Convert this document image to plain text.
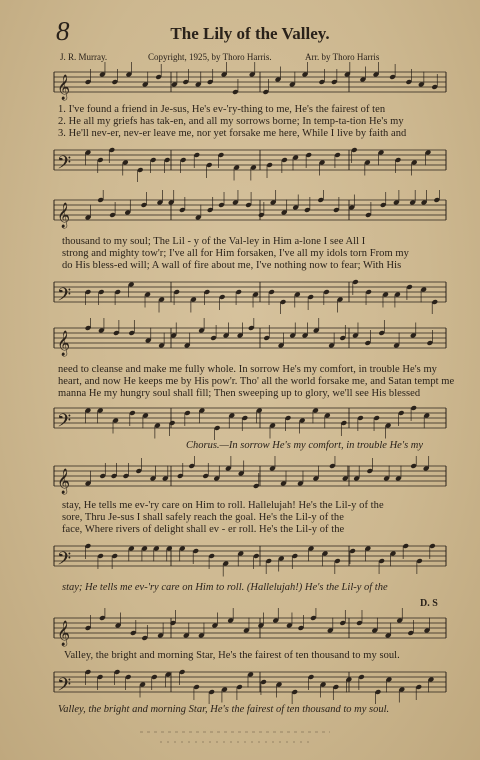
8	The Lily of the Valley.
J. R. Murray.	Copyright, 1925, by Thoro Harris.	Arr. by Thoro Harris
𝄞
1. I've found a friend in Je-sus, He's ev-'ry-thing to me, He's the fairest of ten
2. He all my griefs has tak-en, and all my sorrows borne; In temp-ta-tion He's my
3. He'll nev-er, nev-er leave me, nor yet forsake me here, While I live by faith and
𝄢
𝄞
thousand to my soul; The Lil - y of the Val-ley in Him a-lone I see All I
strong and mighty tow'r; I've all for Him forsaken, I've all my idols torn From my
do His bless-ed will; A wall of fire about me, I've nothing now to fear; With His
𝄢
𝄞
need to cleanse and make me fully whole. In sorrow He's my comfort, in trouble He's my
heart, and now He keeps me by His pow'r. Tho' all the world forsake me, and Satan tempt me
manna He my hungry soul shall fill; Then sweeping up to glory, we'll see His blessed
𝄢
Chorus.—In sorrow He's my comfort, in trouble He's my
𝄞
stay, He tells me ev-'ry care on Him to roll. Hallelujah! He's the Lil-y of the
sore, Thru Je-sus I shall safely reach the goal. He's the Lil-y of the
face, Where rivers of delight shall ev - er roll. He's the Lil-y of the
𝄢
stay; He tells me ev-'ry care on Him to roll. (Hallelujah!) He's the Lil-y of the
D. S
𝄞
Valley, the bright and morning Star, He's the fairest of ten thousand to my soul.
𝄢
Valley, the bright and morning Star, He's the fairest of ten thousand to my soul.
